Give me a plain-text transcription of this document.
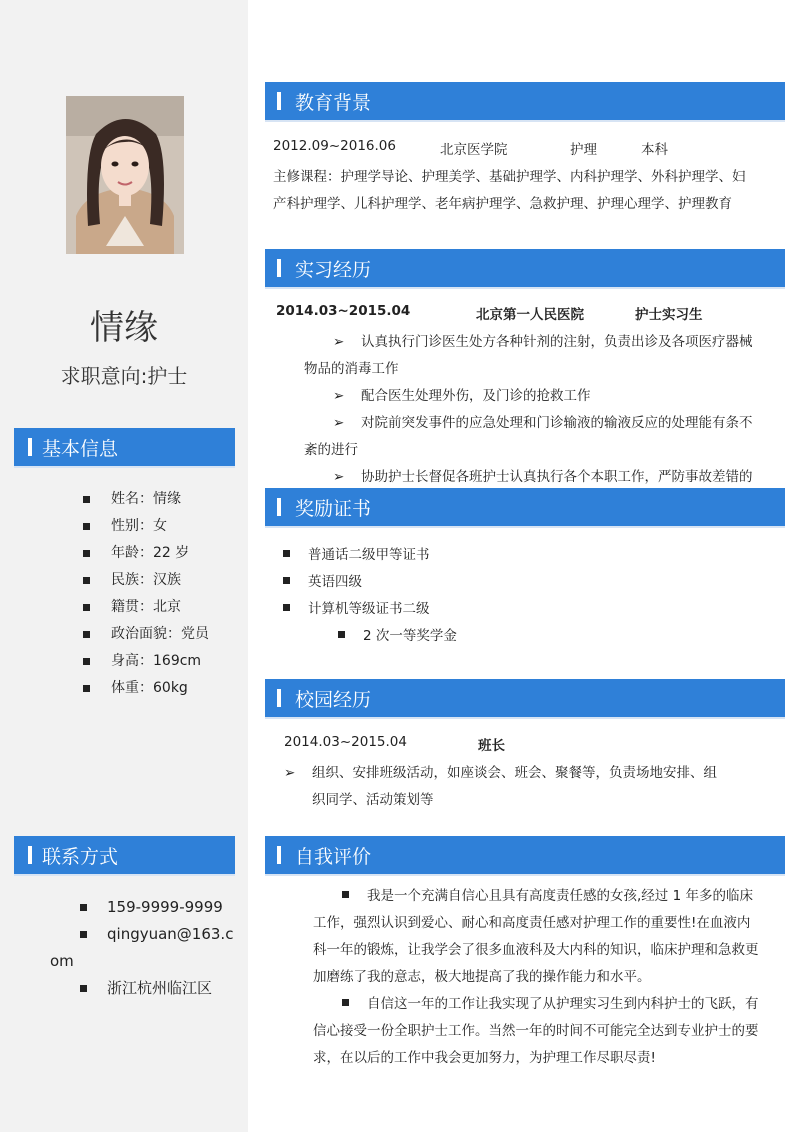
情缘
求职意向:护士
基本信息
姓名：情缘
性别：女
年龄：22 岁
民族：汉族
籍贯：北京
政治面貌：党员
身高：169cm
体重：60kg
联系方式
159-9999-9999
qingyuan@163.c
om
浙江杭州临江区
教育背景
2012.09~2016.06	北京医学院	护理	本科
主修课程：护理学导论、护理美学、基础护理学、内科护理学、外科护理学、妇
产科护理学、儿科护理学、老年病护理学、急救护理、护理心理学、护理教育
实习经历
2014.03~2015.04	北京第一人民医院	护士实习生
➢ 认真执行门诊医生处方各种针剂的注射，负责出诊及各项医疗器械
物品的消毒工作
➢ 配合医生处理外伤，及门诊的抢救工作
➢ 对院前突发事件的应急处理和门诊输液的输液反应的处理能有条不
紊的进行
➢ 协助护士长督促各班护士认真执行各个本职工作，严防事故差错的
奖励证书
普通话二级甲等证书
英语四级
计算机等级证书二级
2 次一等奖学金
校园经历
2014.03~2015.04	班长
➢ 组织、安排班级活动，如座谈会、班会、聚餐等，负责场地安排、组
织同学、活动策划等
自我评价
我是一个充满自信心且具有高度责任感的女孩,经过 1 年多的临床
工作，强烈认识到爱心、耐心和高度责任感对护理工作的重要性!在血液内
科一年的锻炼，让我学会了很多血液科及大内科的知识，临床护理和急救更
加磨练了我的意志，极大地提高了我的操作能力和水平。
自信这一年的工作让我实现了从护理实习生到内科护士的飞跃，有
信心接受一份全职护士工作。当然一年的时间不可能完全达到专业护士的要
求，在以后的工作中我会更加努力，为护理工作尽职尽责!
